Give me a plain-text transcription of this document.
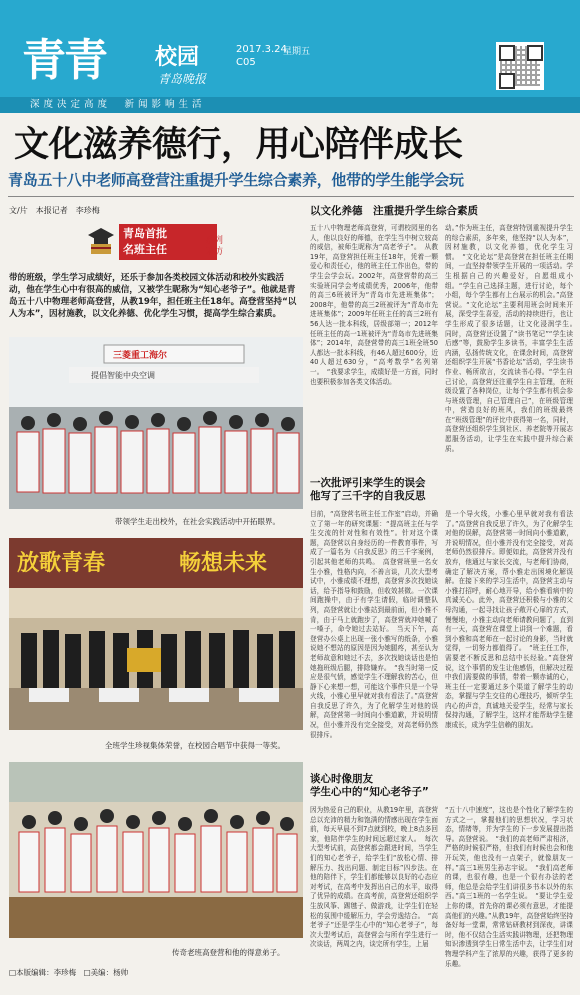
青青 校园
青岛晚报
2017.3.24
星期五
C05
深度决定高度　新闻影响生活
文化滋养德行，用心陪伴成长
青岛五十八中老师高登营注重提升学生综合素养，他带的学生能学会玩
文/片　本报记者　李珍梅
青岛首批
名班主任
系列采访
带的班级，学生学习成绩好，还乐于参加各类校园文体活动和校外实践活动，他在学生心中有很高的威信，又被学生昵称为“知心老爷子”。他就是青岛五十八中物理老师高登营，从教19年，担任班主任18年。高登营坚持“以人为本”，因材施教，以文化养德、优化学生习惯，提高学生综合素质。
三菱重工海尔
提倡智能中央空调
带领学生走出校外，在社会实践活动中开拓眼界。
放歌青春	畅想未来
全班学生珍视集体荣誉，在校园合唱节中获得一等奖。
传奇老班高登营和他的得意弟子。
以文化养德　注重提升学生综合素质
五十八中物理老师高登营，可谓校园里的名人，他以良好的师德，在学生当中树立较高的威信，被师生昵称为“高老爷子”。　从教19年，高登营担任班主任18年，凭着一颗爱心和责任心，他的班主任工作出色，带的学生会学会玩。2002年，高登营带的高三实验班同学会考成绩优秀，2006年，他带的高三6班被评为“青岛市先进班集体”；2008年，他带的高三2班被评为“青岛市先进班集体”；2009年任班主任的高三2班有56人达一批本科线，居级部第一；2012年任班主任的高一1班被评为“青岛市先进班集体”；2014年，高登营带的高三1班全班50人都达一批本科线，有46人超过600分，近40人超过630分，“高考数学”名列第一。　“我要求学生，成绩好是一方面，同时也要积极参加各类文体活动。
动。”作为班主任，高登营特别重视提升学生的综合素质，多年来，他坚持“以人为本”，因材施教，以文化养德，优化学生习惯。　“文化论坛”是高登营在担任班主任期间，一直坚持带领学生开展的一项活动。学生根据自己的兴趣爱好，自愿组成小组。“学生自己选择主题，进行讨论，每个小组，每个学生都有上台展示的机会。”高登营说。“文化论坛”主要利用班会时间来开展，深受学生喜爱，活动的持续进行，也让学生形成了很多话题，让文化浸润学生。　同时，高登营还设置了“读书笔记”“学生读后感”等，鼓励学生多读书，丰富学生生活内涵，弘扬传统文化，在课余时间，高登营还组织学生开展“书香论坛”活动，学生读书作业、畅所欲言，交流读书心得。“学生自己讨论，高登营还注重学生自主管理，在班级设置了各种岗位，让每个学生都有机会参与班级管理，自己管理自己”，在班级管理中，营造良好的班风，我们的班级最终在“班级管理”的评比中获得第一名，同时，高登营还组织学生到社区、养老院等开展志愿服务活动，让学生在实践中提升综合素质。
一次批评引来学生的误会
他写了三千字的自我反思
目前，“高登营名班主任工作室”启动，并确立了第一年的研究课题：“提高班主任与学生交流的针对性和有效性”。针对这个课题，高登营以自身经历的一件教育事件，写成了一篇名为《自我反思》的三千字案例，引起其他老师的共鸣。　高登营班里一名女生小雅，性格内向，不善言谈，几次大型考试中，小雅成绩不理想，高登营多次找她谈话，给予指导和鼓励，但收效甚微。一次课间跑操中，由于有学生请假，临时调整队列，高登营就让小雅站到最前面，但小雅不肯，由于马上就跑步了，高登营就冲她喊了一嗓子，命令她过去站好。　当天下午，高登营办公桌上出现一张小雅写的纸条，小雅说她不想站的原因是因为她腿疼，甚至认为老师故意和她过不去，多次找她谈话也是怕她拖班级后腿，排除嫌弃。　“我当时第一反应是很气愤，感觉学生不理解我的苦心，但静下心来想一想，可能这个事件只是一个导火线，小雅心里早就对我有看法了。”高登营自我反思了许久，为了化解学生对他的误解，高登营第一时间向小雅道歉，并说明情况，但小雅并没有完全接受，对高老师仍然很排斥。
是一个导火线，小雅心里早就对我有看法了。”高登营自我反思了许久，为了化解学生对他的误解，高登营第一时间向小雅道歉，并说明情况，但小雅并没有完全接受，对高老师仍然很排斥。即便如此，高登营并没有放弃，他通过与家长交流，与老师们协商，确定了解决方案，帮小雅走出困境化解误解。在接下来的学习生活中，高登营主动与小雅打招呼，耐心地开导，给小雅看病中的真诚关心。此外，高登营还积极与小雅的父母沟通，一起寻找让孩子敞开心扉的方式，慢慢地，小雅主动向老师请教问题了，直到有一天，高登营在课堂上讲到一个难题，看到小雅和高老师在一起讨论的身影，当时就觉得，一切努力都值得了。　“班主任工作，需要老不断反思和总结中长经验。”高登营说，这个事情的发生让他感悟，但解决过程中我们需要做的事情，带着一颗赤诚的心，班主任一定要通过多个渠道了解学生的动态，掌握与学生交往的心理技巧，倾听学生内心的声音，真诚地关爱学生，经常与家长保持沟通，了解学生，这样才能帮助学生健康成长，成为学生信赖的朋友。
谈心时像朋友
学生心中的“知心老爷子”
因为热爱自己的职业，从教19年里，高登营总以充沛的精力和饱满的情感出现在学生面前，每天早晨不到7点就到校，晚上8点多回家，他陪伴学生的时间远超过家人。　每次大型考试前，高登营都会跟进时间，当学生们的知心老爷子，给学生们“放松心情、排解压力、找出问题、制定目标”四步法。在他的陪伴下，学生们都能够以良好的心态应对考试，在高考中发挥出自己的水平，取得了优异的成绩。在高考前，高登营还组织学生放风筝、踢毽子、做游戏，让学生们在轻松的氛围中缓解压力，学会劳逸结合。　“高老爷子”还是学生心中的“知心老爷子”，每次大型考试后，高登营会与所有学生进行一次谈话，两周之内，谈完所有学生，上届
“五十八中速度”，这也是个性化了解学生的方式之一，掌握他们的思想状况，学习状态，情绪等，并为学生的下一步发展提出指导。高登营说。　“我们的高老师严肃相济，严格的时候很严格，但我们有时候也会和他开玩笑，他也没有一点架子，就像朋友一样。”高三1班男生孙志宇说。　“我们高老师的课，也很有趣，也是一个很有办法的老师，他总是会给学生们讲很多书本以外的东西。”高三1班的一名学生说。　“要让学生爱上你的课，首先你的课必须有意思，才能提高他们的兴趣。”从教19年，高登营始终坚持备好每一堂课，常常钻研教材到深夜，讲课时，他不仅结合生活实践讲物理，还把物理知识渗透到学生日常生活中去，让学生们对物理学科产生了浓厚的兴趣，获得了更多的乐趣。
□本版编辑：李珍梅　□美编：杨帅
